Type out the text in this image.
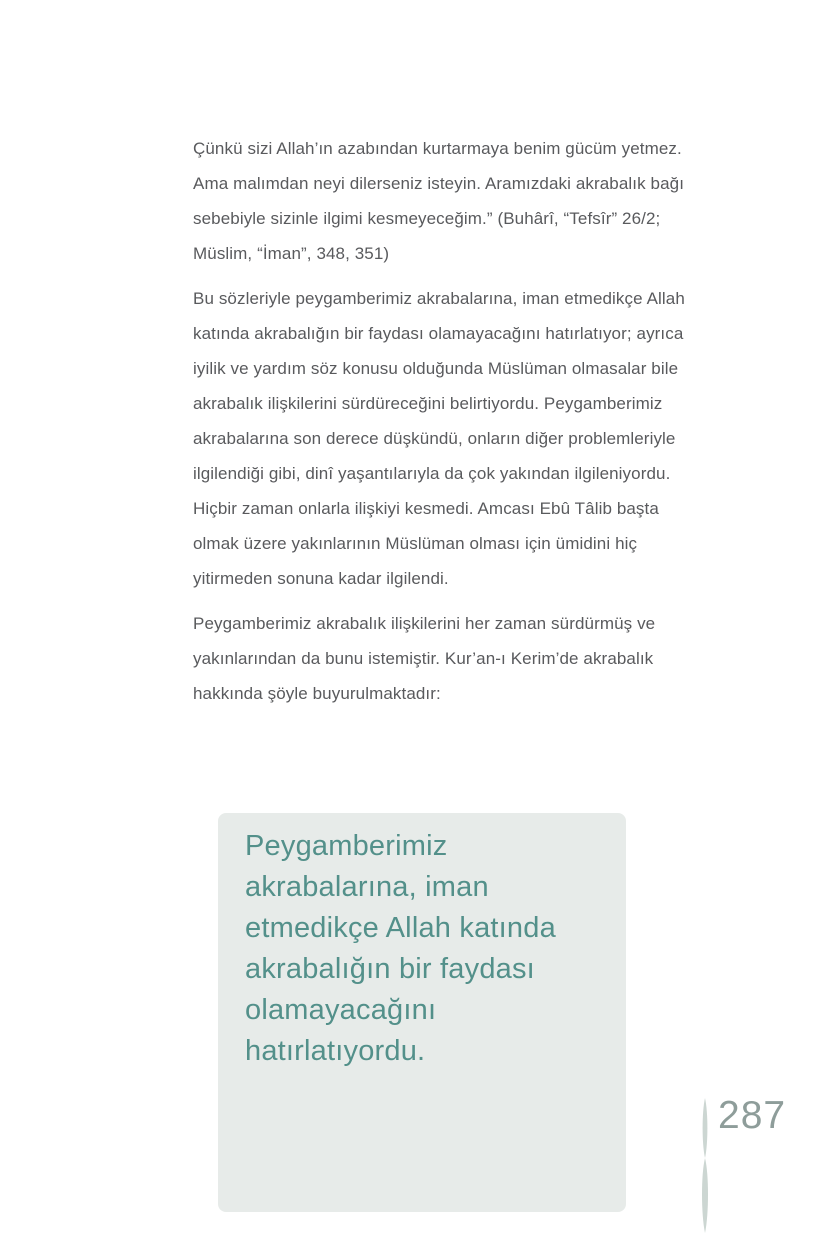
Çünkü sizi Allah’ın azabından kurtarmaya benim gücüm yetmez. Ama malımdan neyi dilerseniz isteyin. Aramızdaki akrabalık bağı sebebiyle sizinle ilgimi kesmeyeceğim.” (Buhârî, “Tefsîr” 26/2; Müslim, “İman”, 348, 351)

Bu sözleriyle peygamberimiz akrabalarına, iman etmedikçe Allah katında akrabalığın bir faydası olamayacağını hatırlatıyor; ayrıca iyilik ve yardım söz konusu olduğunda Müslüman olmasalar bile akrabalık ilişkilerini sürdüreceğini belirtiyordu. Peygamberimiz akrabalarına son derece düşkündü, onların diğer problemleriyle ilgilendiği gibi, dinî yaşantılarıyla da çok yakından ilgileniyordu. Hiçbir zaman onlarla ilişkiyi kesmedi. Amcası Ebû Tâlib başta olmak üzere yakınlarının Müslüman olması için ümidini hiç yitirmeden sonuna kadar ilgilendi.

Peygamberimiz akrabalık ilişkilerini her zaman sürdürmüş ve yakınlarından da bunu istemiştir. Kur’an-ı Kerim’de akrabalık hakkında şöyle buyurulmaktadır:

Peygamberimiz akrabalarına, iman etmedikçe Allah katında akrabalığın bir faydası olamayacağını hatırlatıyordu.

287
